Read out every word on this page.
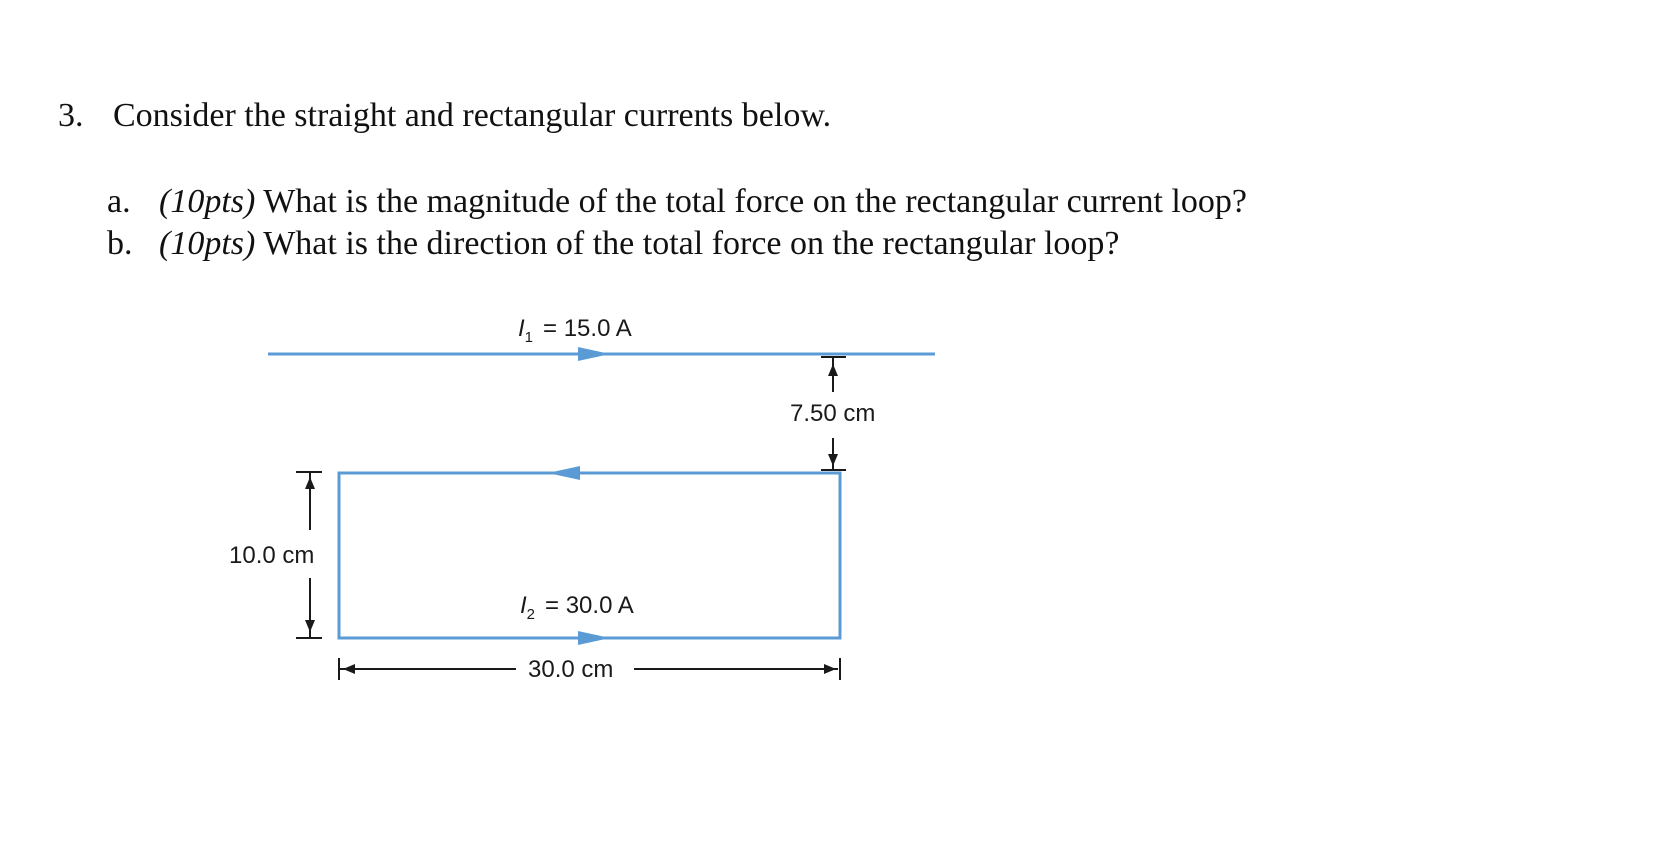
3. Consider the straight and rectangular currents below.
a. (10pts) What is the magnitude of the total force on the rectangular current loop?
b. (10pts) What is the direction of the total force on the rectangular loop?
$I_1 = 15.0$ A
7.50 cm
$I_2 = 30.0$ A
10.0 cm
30.0 cm
